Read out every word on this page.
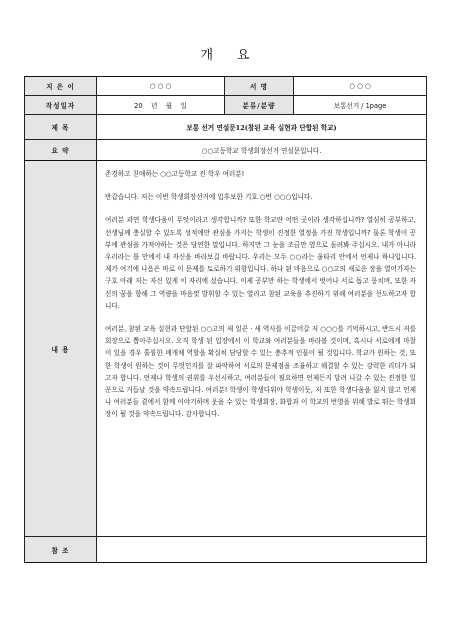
개 요
지 은 이	○ ○ ○	서 명	○ ○ ○
작성일자	20    년    월    일	분류/분량	보통선거 / 1page
제 목	보통 선거 연설문12(참된 교육 실현과 단합된 학교)		
요 약	○○고등학교 학생회장선거 연설문입니다.		
내 용	존경하고 친애하는 ○○고등학교 전 학우 여러분!

반갑습니다. 저는 이번 학생회장선거에 입후보한 기호 ○번 ○○○입니다.

여러분 과연 학생다움이 무엇이라고 생각합니까? 또한 학교란 어떤 곳이라 생각하십니까? 열심히 공부하고, 선생님께 충실할 수 있도록 성적에만 관심을 가지는 학생이 진정한 열정을 가진 학생입니까? 물론 학생이 공부에 관심을 가져야하는 것은 당연한 말입니다. 하지만 그 눈을 조금만 옆으로 돌려봐 주십시오. 내가 아니라 우리라는 틀 안에서 내 자신을 바라보길 바랍니다. 우리는 모두 ○○라는 울타리 안에서 언제나 하나입니다. 제가 여기에 나옴은 바로 이 문제를 토로하기 위함입니다. 하나 된 마음으로 ○○고의 새로운 장을 열어가자는 구호 아래 저는 자신 있게 이 자리에 섰습니다. 이제 공부만 하는 학생에서 벗어나 서로 돕고 뭉치며, 또한 자신의 꿈을 향해 그 역량을 마음껏 발휘할 수 있는 열리고 참된 교육을 추진하기 위해 여러분을 선도하고자 합니다.

여러분, 참된 교육 실현과 단합된 ○○고의 새 일꾼 · 새 역사를 이끌어갈 저 ○○○를 기억하시고, 반드시 저를 회장으로 뽑아주십시오. 오직 학생 된 입장에서 이 학교와 여러분들을 바라볼 것이며, 혹시나 서로에게 마찰이 있을 경우 훌륭한 매개체 역할을 확실히 담당할 수 있는 충추적 인물이 될 것입니다. 학교가 원하는 것, 또한 학생이 원하는 것이 무엇인지를 잘 파악하여 서로의 문제점을 조율하고 해결할 수 있는 강력한 리더가 되고자 합니다. 언제나 학생의 권위를 우선시하고, 여러분들이 필요하면 언제든지 달려 나갈 수 있는 진정한 일꾼으로 거듭날 것을 약속드립니다. 여러분! 학생이 학생다워야 학생이듯, 저 또한 학생다움을 잃지 않고 언제나 여러분들 곁에서 함께 이야기하며 웃을 수 있는 학생회장, 화합과 이 학교의 번영을 위해 발로 뛰는 학생회장이 될 것을 약속드립니다. 감사합니다.		

참 조			
